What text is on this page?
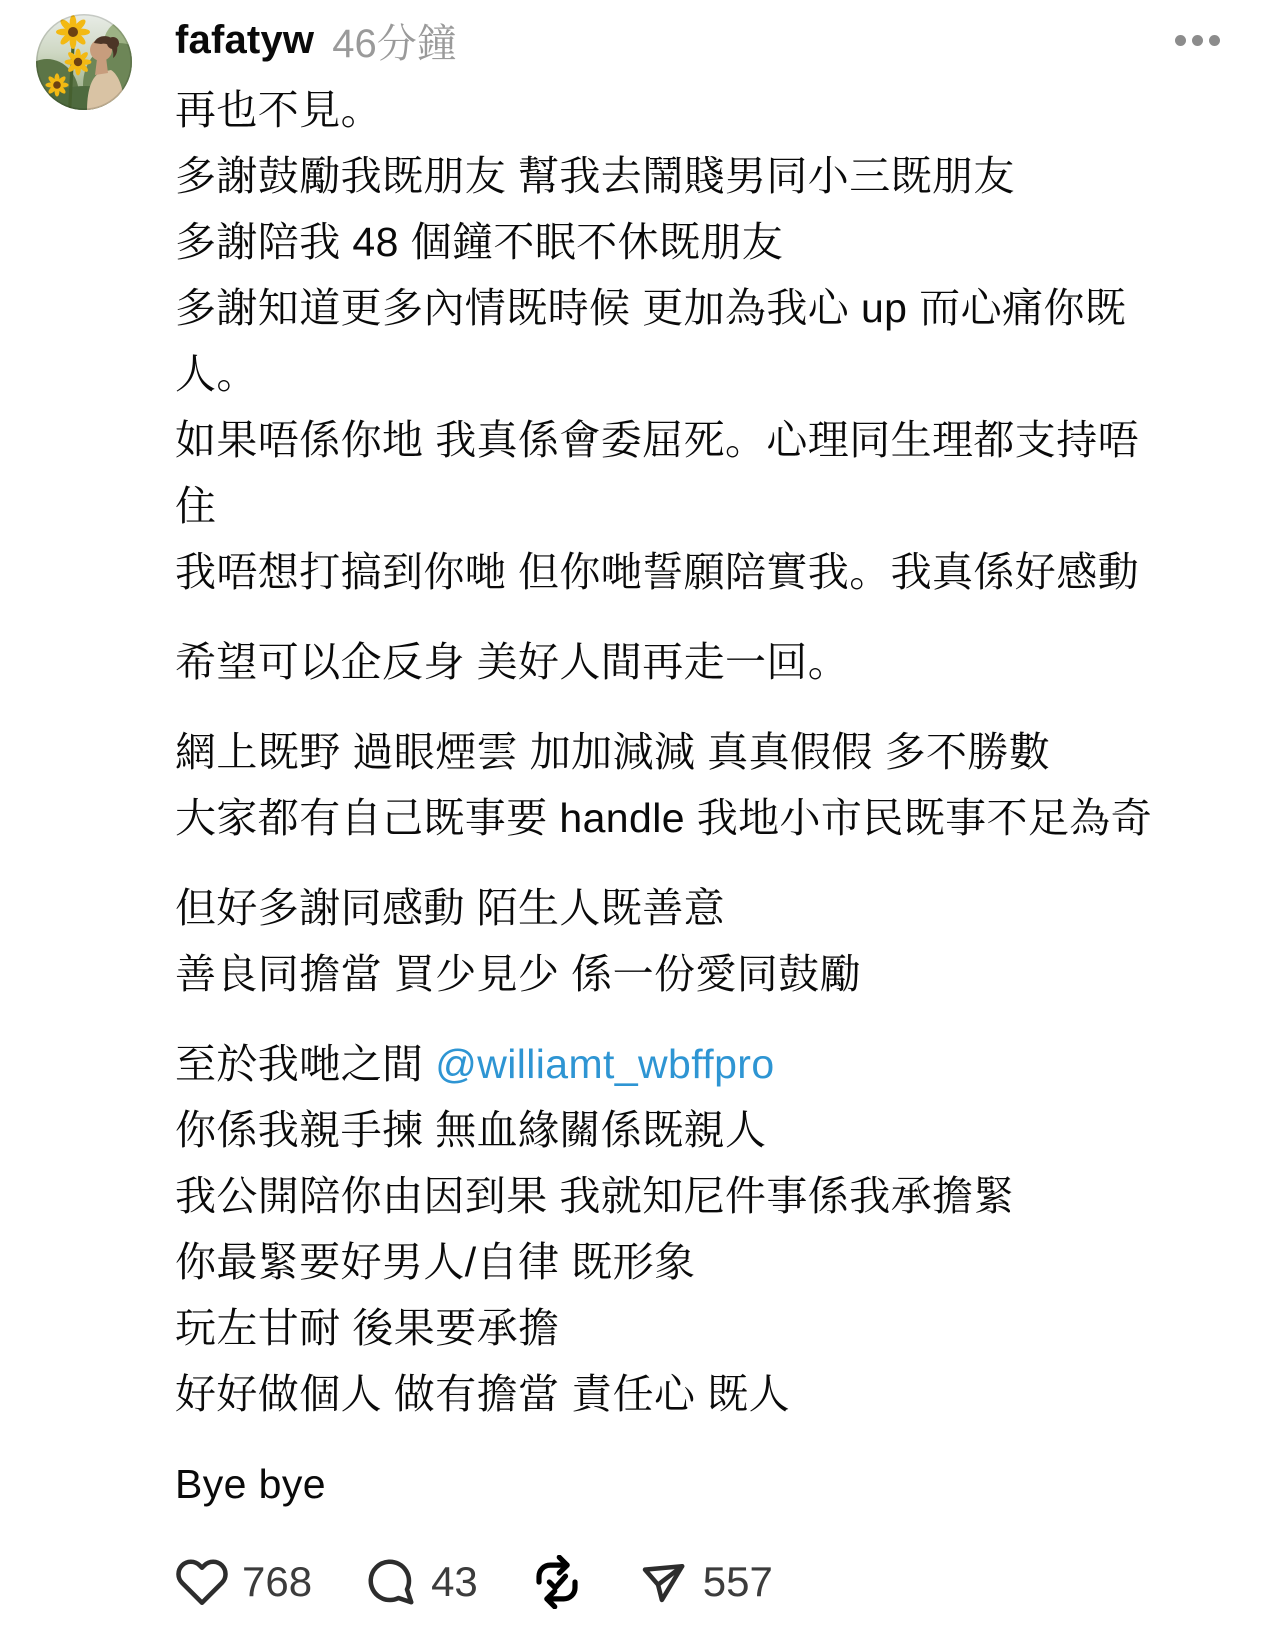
fafatyw 46分鐘
再也不見。
多謝鼓勵我既朋友 幫我去鬧賤男同小三既朋友
多謝陪我 48 個鐘不眠不休既朋友
多謝知道更多內情既時候 更加為我心 up 而心痛你既
人。
如果唔係你地 我真係會委屈死。心理同生理都支持唔
住
我唔想打搞到你哋 但你哋誓願陪實我。我真係好感動
希望可以企反身 美好人間再走一回。
網上既野 過眼煙雲 加加減減 真真假假 多不勝數
大家都有自己既事要 handle 我地小市民既事不足為奇
但好多謝同感動 陌生人既善意
善良同擔當 買少見少 係一份愛同鼓勵
至於我哋之間 @williamt_wbffpro
你係我親手揀 無血緣關係既親人
我公開陪你由因到果 我就知尼件事係我承擔緊
你最緊要好男人/自律 既形象
玩左甘耐 後果要承擔
好好做個人 做有擔當 責任心 既人
Bye bye
768	43	557
